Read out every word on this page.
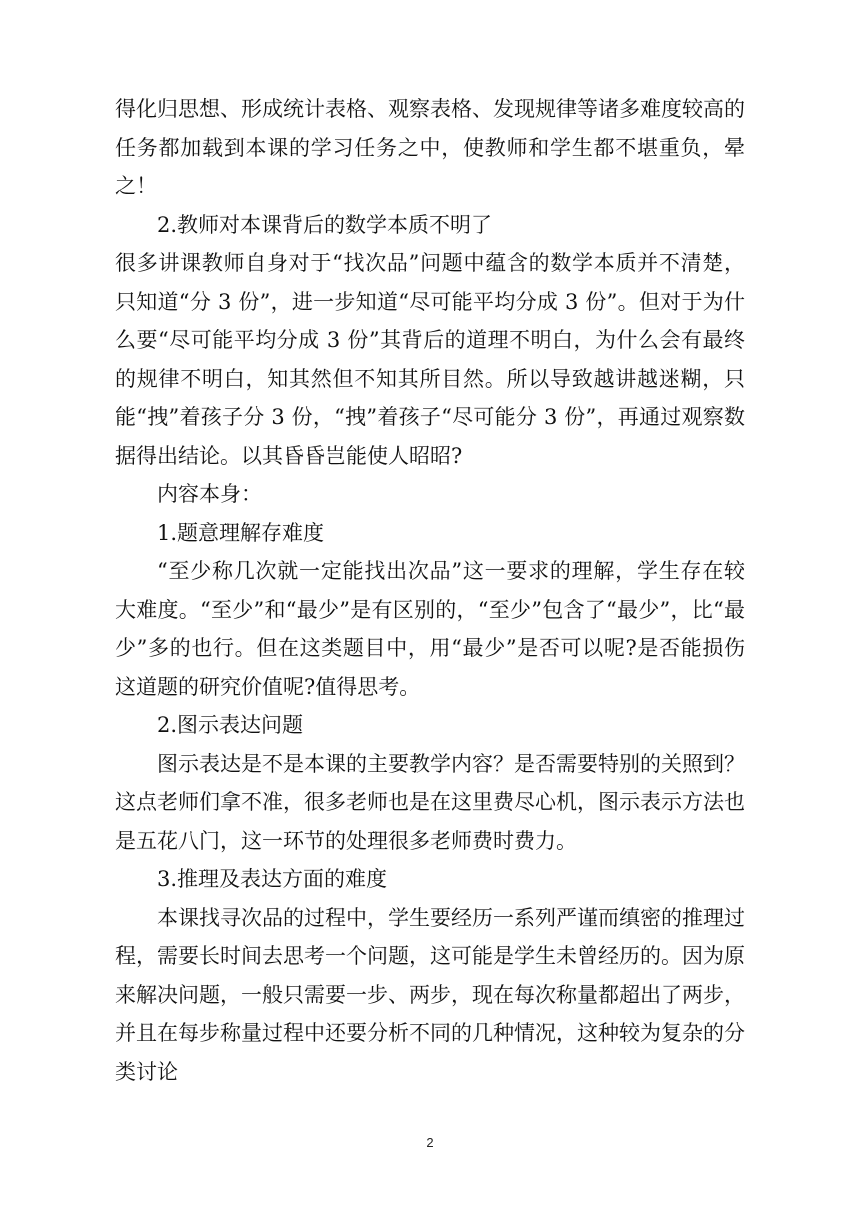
得化归思想、形成统计表格、观察表格、发现规律等诸多难度较高的任务都加载到本课的学习任务之中，使教师和学生都不堪重负，晕之！

2.教师对本课背后的数学本质不明了

很多讲课教师自身对于“找次品”问题中蕴含的数学本质并不清楚，只知道“分 3 份”，进一步知道“尽可能平均分成 3 份”。但对于为什么要“尽可能平均分成 3 份”其背后的道理不明白，为什么会有最终的规律不明白，知其然但不知其所目然。所以导致越讲越迷糊，只能“拽”着孩子分 3 份，“拽”着孩子“尽可能分 3 份”，再通过观察数据得出结论。以其昏昏岂能使人昭昭?

内容本身：

1.题意理解存难度

“至少称几次就一定能找出次品”这一要求的理解，学生存在较大难度。“至少”和“最少”是有区别的，“至少”包含了“最少”，比“最少”多的也行。但在这类题目中，用“最少”是否可以呢?是否能损伤这道题的研究价值呢?值得思考。

2.图示表达问题

图示表达是不是本课的主要教学内容？是否需要特别的关照到？这点老师们拿不准，很多老师也是在这里费尽心机，图示表示方法也是五花八门，这一环节的处理很多老师费时费力。

3.推理及表达方面的难度

本课找寻次品的过程中，学生要经历一系列严谨而缜密的推理过程，需要长时间去思考一个问题，这可能是学生未曾经历的。因为原来解决问题，一般只需要一步、两步，现在每次称量都超出了两步，并且在每步称量过程中还要分析不同的几种情况，这种较为复杂的分类讨论

2
